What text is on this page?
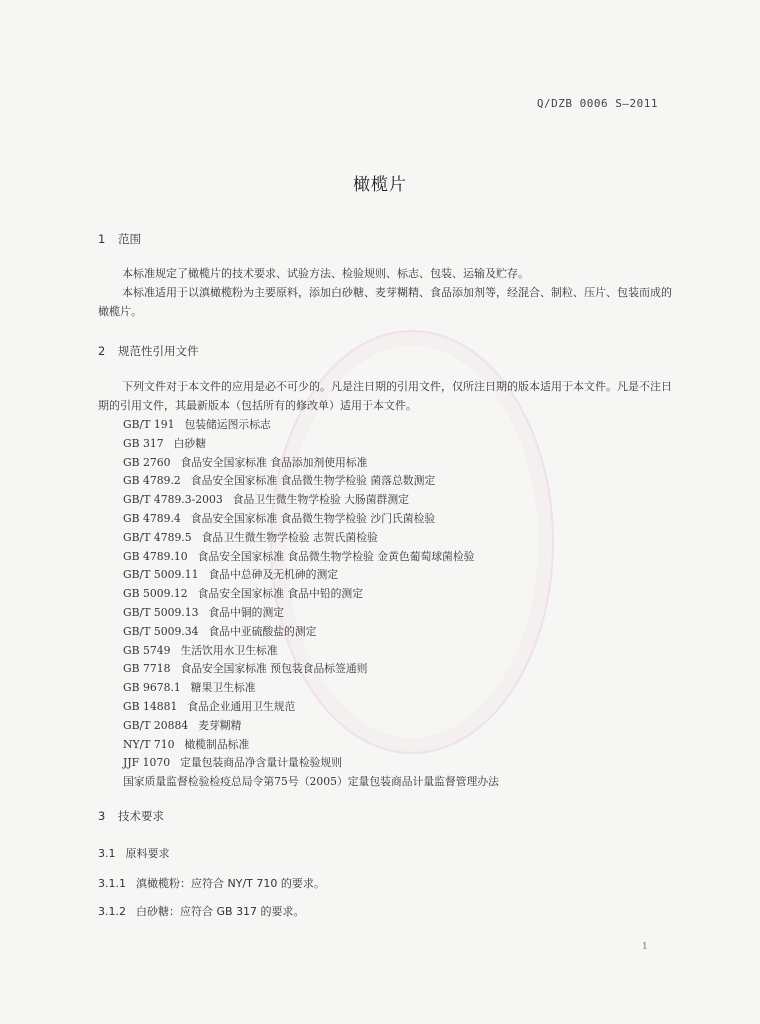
Q/DZB 0006 S—2011
橄榄片
1 范围
本标准规定了橄榄片的技术要求、试验方法、检验规则、标志、包装、运输及贮存。
本标准适用于以滇橄榄粉为主要原料，添加白砂糖、麦芽糊精、食品添加剂等，经混合、制粒、压片、包装而成的橄榄片。
2 规范性引用文件
下列文件对于本文件的应用是必不可少的。凡是注日期的引用文件，仅所注日期的版本适用于本文件。凡是不注日期的引用文件，其最新版本（包括所有的修改单）适用于本文件。
GB/T 191 包装储运图示标志
GB 317 白砂糖
GB 2760 食品安全国家标准 食品添加剂使用标准
GB 4789.2 食品安全国家标准 食品微生物学检验 菌落总数测定
GB/T 4789.3-2003 食品卫生微生物学检验 大肠菌群测定
GB 4789.4 食品安全国家标准 食品微生物学检验 沙门氏菌检验
GB/T 4789.5 食品卫生微生物学检验 志贺氏菌检验
GB 4789.10 食品安全国家标准 食品微生物学检验 金黄色葡萄球菌检验
GB/T 5009.11 食品中总砷及无机砷的测定
GB 5009.12 食品安全国家标准 食品中铅的测定
GB/T 5009.13 食品中铜的测定
GB/T 5009.34 食品中亚硫酸盐的测定
GB 5749 生活饮用水卫生标准
GB 7718 食品安全国家标准 预包装食品标签通则
GB 9678.1 糖果卫生标准
GB 14881 食品企业通用卫生规范
GB/T 20884 麦芽糊精
NY/T 710 橄榄制品标准
JJF 1070 定量包装商品净含量计量检验规则
国家质量监督检验检疫总局令第75号（2005）定量包装商品计量监督管理办法
3 技术要求
3.1 原料要求
3.1.1 滇橄榄粉：应符合 NY/T 710 的要求。
3.1.2 白砂糖：应符合 GB 317 的要求。
1
